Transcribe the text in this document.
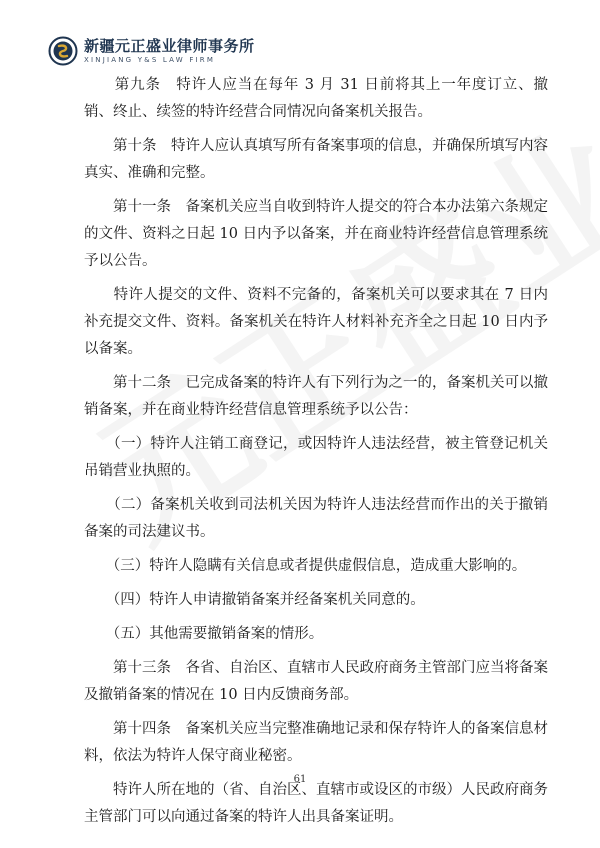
新疆元正盛业律师事务所
XINJIANG Y&S LAW FIRM

　　第九条　特许人应当在每年 3 月 31 日前将其上一年度订立、撤销、终止、续签的特许经营合同情况向备案机关报告。

　　第十条　特许人应认真填写所有备案事项的信息，并确保所填写内容真实、准确和完整。

　　第十一条　备案机关应当自收到特许人提交的符合本办法第六条规定的文件、资料之日起 10 日内予以备案，并在商业特许经营信息管理系统予以公告。

　　特许人提交的文件、资料不完备的，备案机关可以要求其在 7 日内补充提交文件、资料。备案机关在特许人材料补充齐全之日起 10 日内予以备案。

　　第十二条　已完成备案的特许人有下列行为之一的，备案机关可以撤销备案，并在商业特许经营信息管理系统予以公告：

　　（一）特许人注销工商登记，或因特许人违法经营，被主管登记机关吊销营业执照的。

　　（二）备案机关收到司法机关因为特许人违法经营而作出的关于撤销备案的司法建议书。

　　（三）特许人隐瞒有关信息或者提供虚假信息，造成重大影响的。

　　（四）特许人申请撤销备案并经备案机关同意的。

　　（五）其他需要撤销备案的情形。

　　第十三条　各省、自治区、直辖市人民政府商务主管部门应当将备案及撤销备案的情况在 10 日内反馈商务部。

　　第十四条　备案机关应当完整准确地记录和保存特许人的备案信息材料，依法为特许人保守商业秘密。

　　特许人所在地的（省、自治区、直辖市或设区的市级）人民政府商务主管部门可以向通过备案的特许人出具备案证明。

61
